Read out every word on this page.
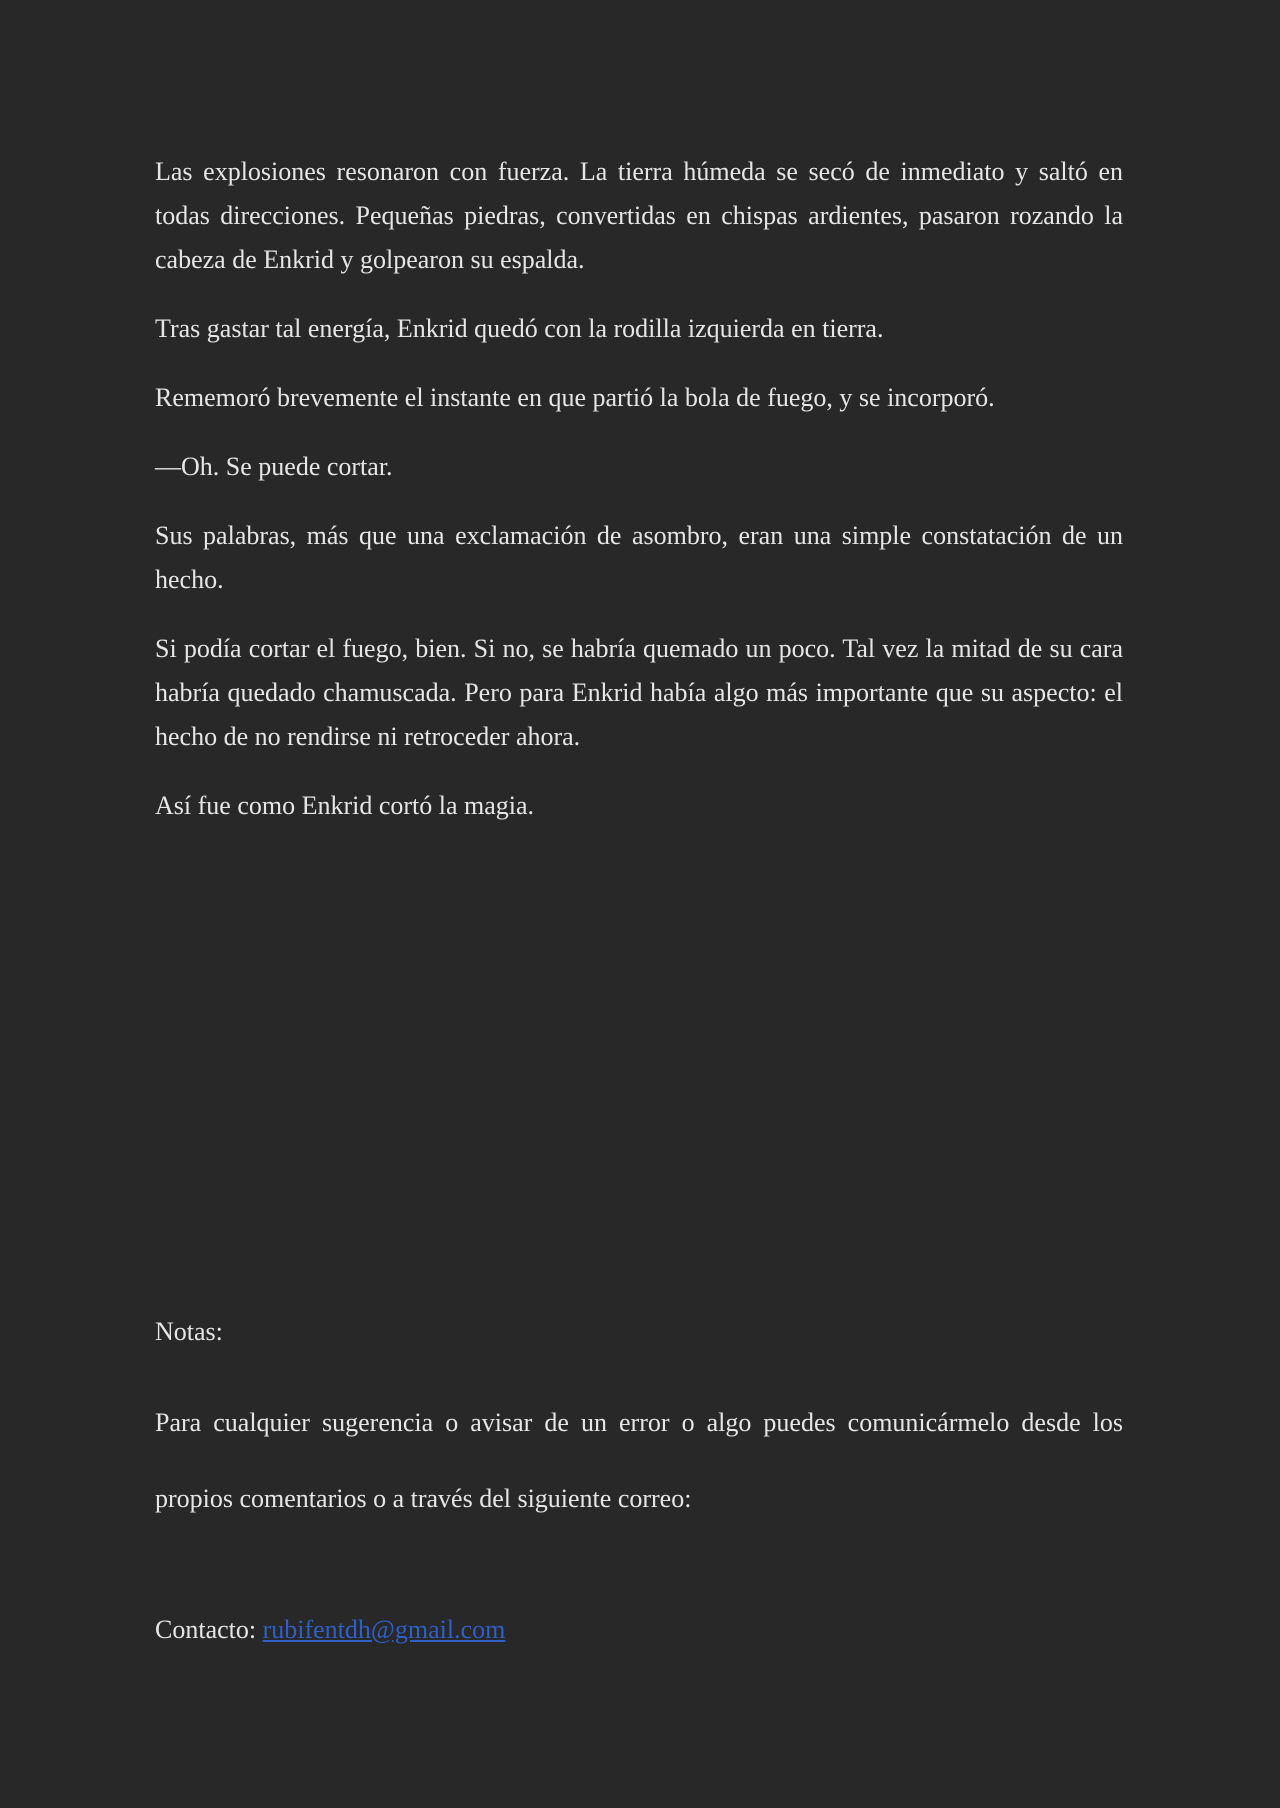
Las explosiones resonaron con fuerza. La tierra húmeda se secó de inmediato y saltó en todas direcciones. Pequeñas piedras, convertidas en chispas ardientes, pasaron rozando la cabeza de Enkrid y golpearon su espalda.

Tras gastar tal energía, Enkrid quedó con la rodilla izquierda en tierra.

Rememoró brevemente el instante en que partió la bola de fuego, y se incorporó.

—Oh. Se puede cortar.

Sus palabras, más que una exclamación de asombro, eran una simple constatación de un hecho.

Si podía cortar el fuego, bien. Si no, se habría quemado un poco. Tal vez la mitad de su cara habría quedado chamuscada. Pero para Enkrid había algo más importante que su aspecto: el hecho de no rendirse ni retroceder ahora.

Así fue como Enkrid cortó la magia.

Notas:

Para cualquier sugerencia o avisar de un error o algo puedes comunicármelo desde los propios comentarios o a través del siguiente correo:

Contacto: rubifentdh@gmail.com
